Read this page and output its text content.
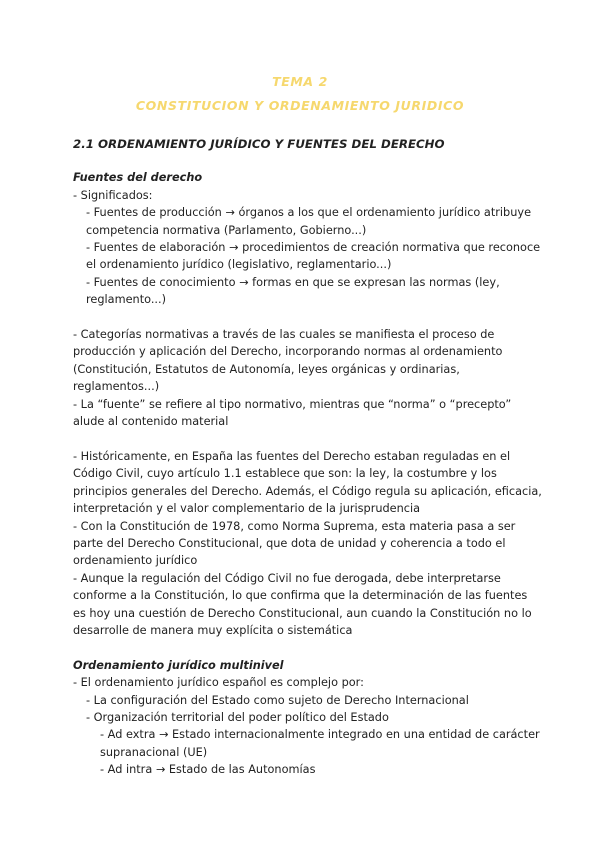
TEMA 2
CONSTITUCION Y ORDENAMIENTO JURIDICO

2.1 ORDENAMIENTO JURÍDICO Y FUENTES DEL DERECHO

Fuentes del derecho

- Significados:

- Fuentes de producción → órganos a los que el ordenamiento jurídico atribuye competencia normativa (Parlamento, Gobierno...)

- Fuentes de elaboración → procedimientos de creación normativa que reconoce el ordenamiento jurídico (legislativo, reglamentario...)

- Fuentes de conocimiento → formas en que se expresan las normas (ley, reglamento...)

- Categorías normativas a través de las cuales se manifiesta el proceso de producción y aplicación del Derecho, incorporando normas al ordenamiento (Constitución, Estatutos de Autonomía, leyes orgánicas y ordinarias, reglamentos...)

- La “fuente” se refiere al tipo normativo, mientras que “norma” o “precepto” alude al contenido material

- Históricamente, en España las fuentes del Derecho estaban reguladas en el Código Civil, cuyo artículo 1.1 establece que son: la ley, la costumbre y los principios generales del Derecho. Además, el Código regula su aplicación, eficacia, interpretación y el valor complementario de la jurisprudencia

- Con la Constitución de 1978, como Norma Suprema, esta materia pasa a ser parte del Derecho Constitucional, que dota de unidad y coherencia a todo el ordenamiento jurídico

- Aunque la regulación del Código Civil no fue derogada, debe interpretarse conforme a la Constitución, lo que confirma que la determinación de las fuentes es hoy una cuestión de Derecho Constitucional, aun cuando la Constitución no lo desarrolle de manera muy explícita o sistemática

Ordenamiento jurídico multinivel

- El ordenamiento jurídico español es complejo por:

- La configuración del Estado como sujeto de Derecho Internacional

- Organización territorial del poder político del Estado

- Ad extra → Estado internacionalmente integrado en una entidad de carácter supranacional (UE)

- Ad intra → Estado de las Autonomías
